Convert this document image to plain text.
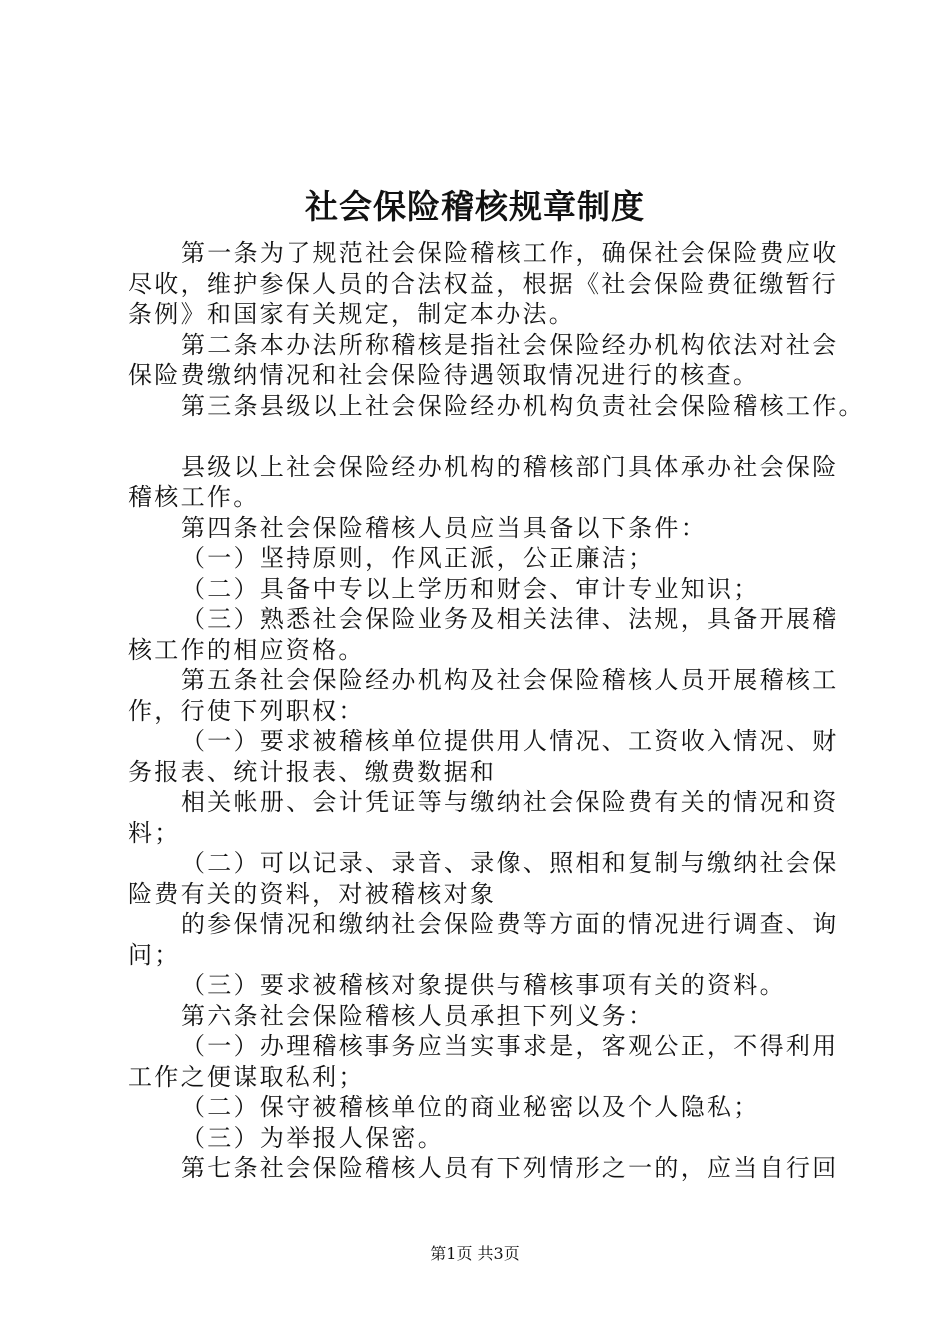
社会保险稽核规章制度
第一条为了规范社会保险稽核工作，确保社会保险费应收
尽收，维护参保人员的合法权益，根据《社会保险费征缴暂行
条例》和国家有关规定，制定本办法。
第二条本办法所称稽核是指社会保险经办机构依法对社会
保险费缴纳情况和社会保险待遇领取情况进行的核查。
第三条县级以上社会保险经办机构负责社会保险稽核工作。
县级以上社会保险经办机构的稽核部门具体承办社会保险
稽核工作。
第四条社会保险稽核人员应当具备以下条件：
（一）坚持原则，作风正派，公正廉洁；
（二）具备中专以上学历和财会、审计专业知识；
（三）熟悉社会保险业务及相关法律、法规，具备开展稽
核工作的相应资格。
第五条社会保险经办机构及社会保险稽核人员开展稽核工
作，行使下列职权：
（一）要求被稽核单位提供用人情况、工资收入情况、财
务报表、统计报表、缴费数据和
相关帐册、会计凭证等与缴纳社会保险费有关的情况和资
料；
（二）可以记录、录音、录像、照相和复制与缴纳社会保
险费有关的资料，对被稽核对象
的参保情况和缴纳社会保险费等方面的情况进行调查、询
问；
（三）要求被稽核对象提供与稽核事项有关的资料。
第六条社会保险稽核人员承担下列义务：
（一）办理稽核事务应当实事求是，客观公正，不得利用
工作之便谋取私利；
（二）保守被稽核单位的商业秘密以及个人隐私；
（三）为举报人保密。
第七条社会保险稽核人员有下列情形之一的，应当自行回
第1页 共3页
